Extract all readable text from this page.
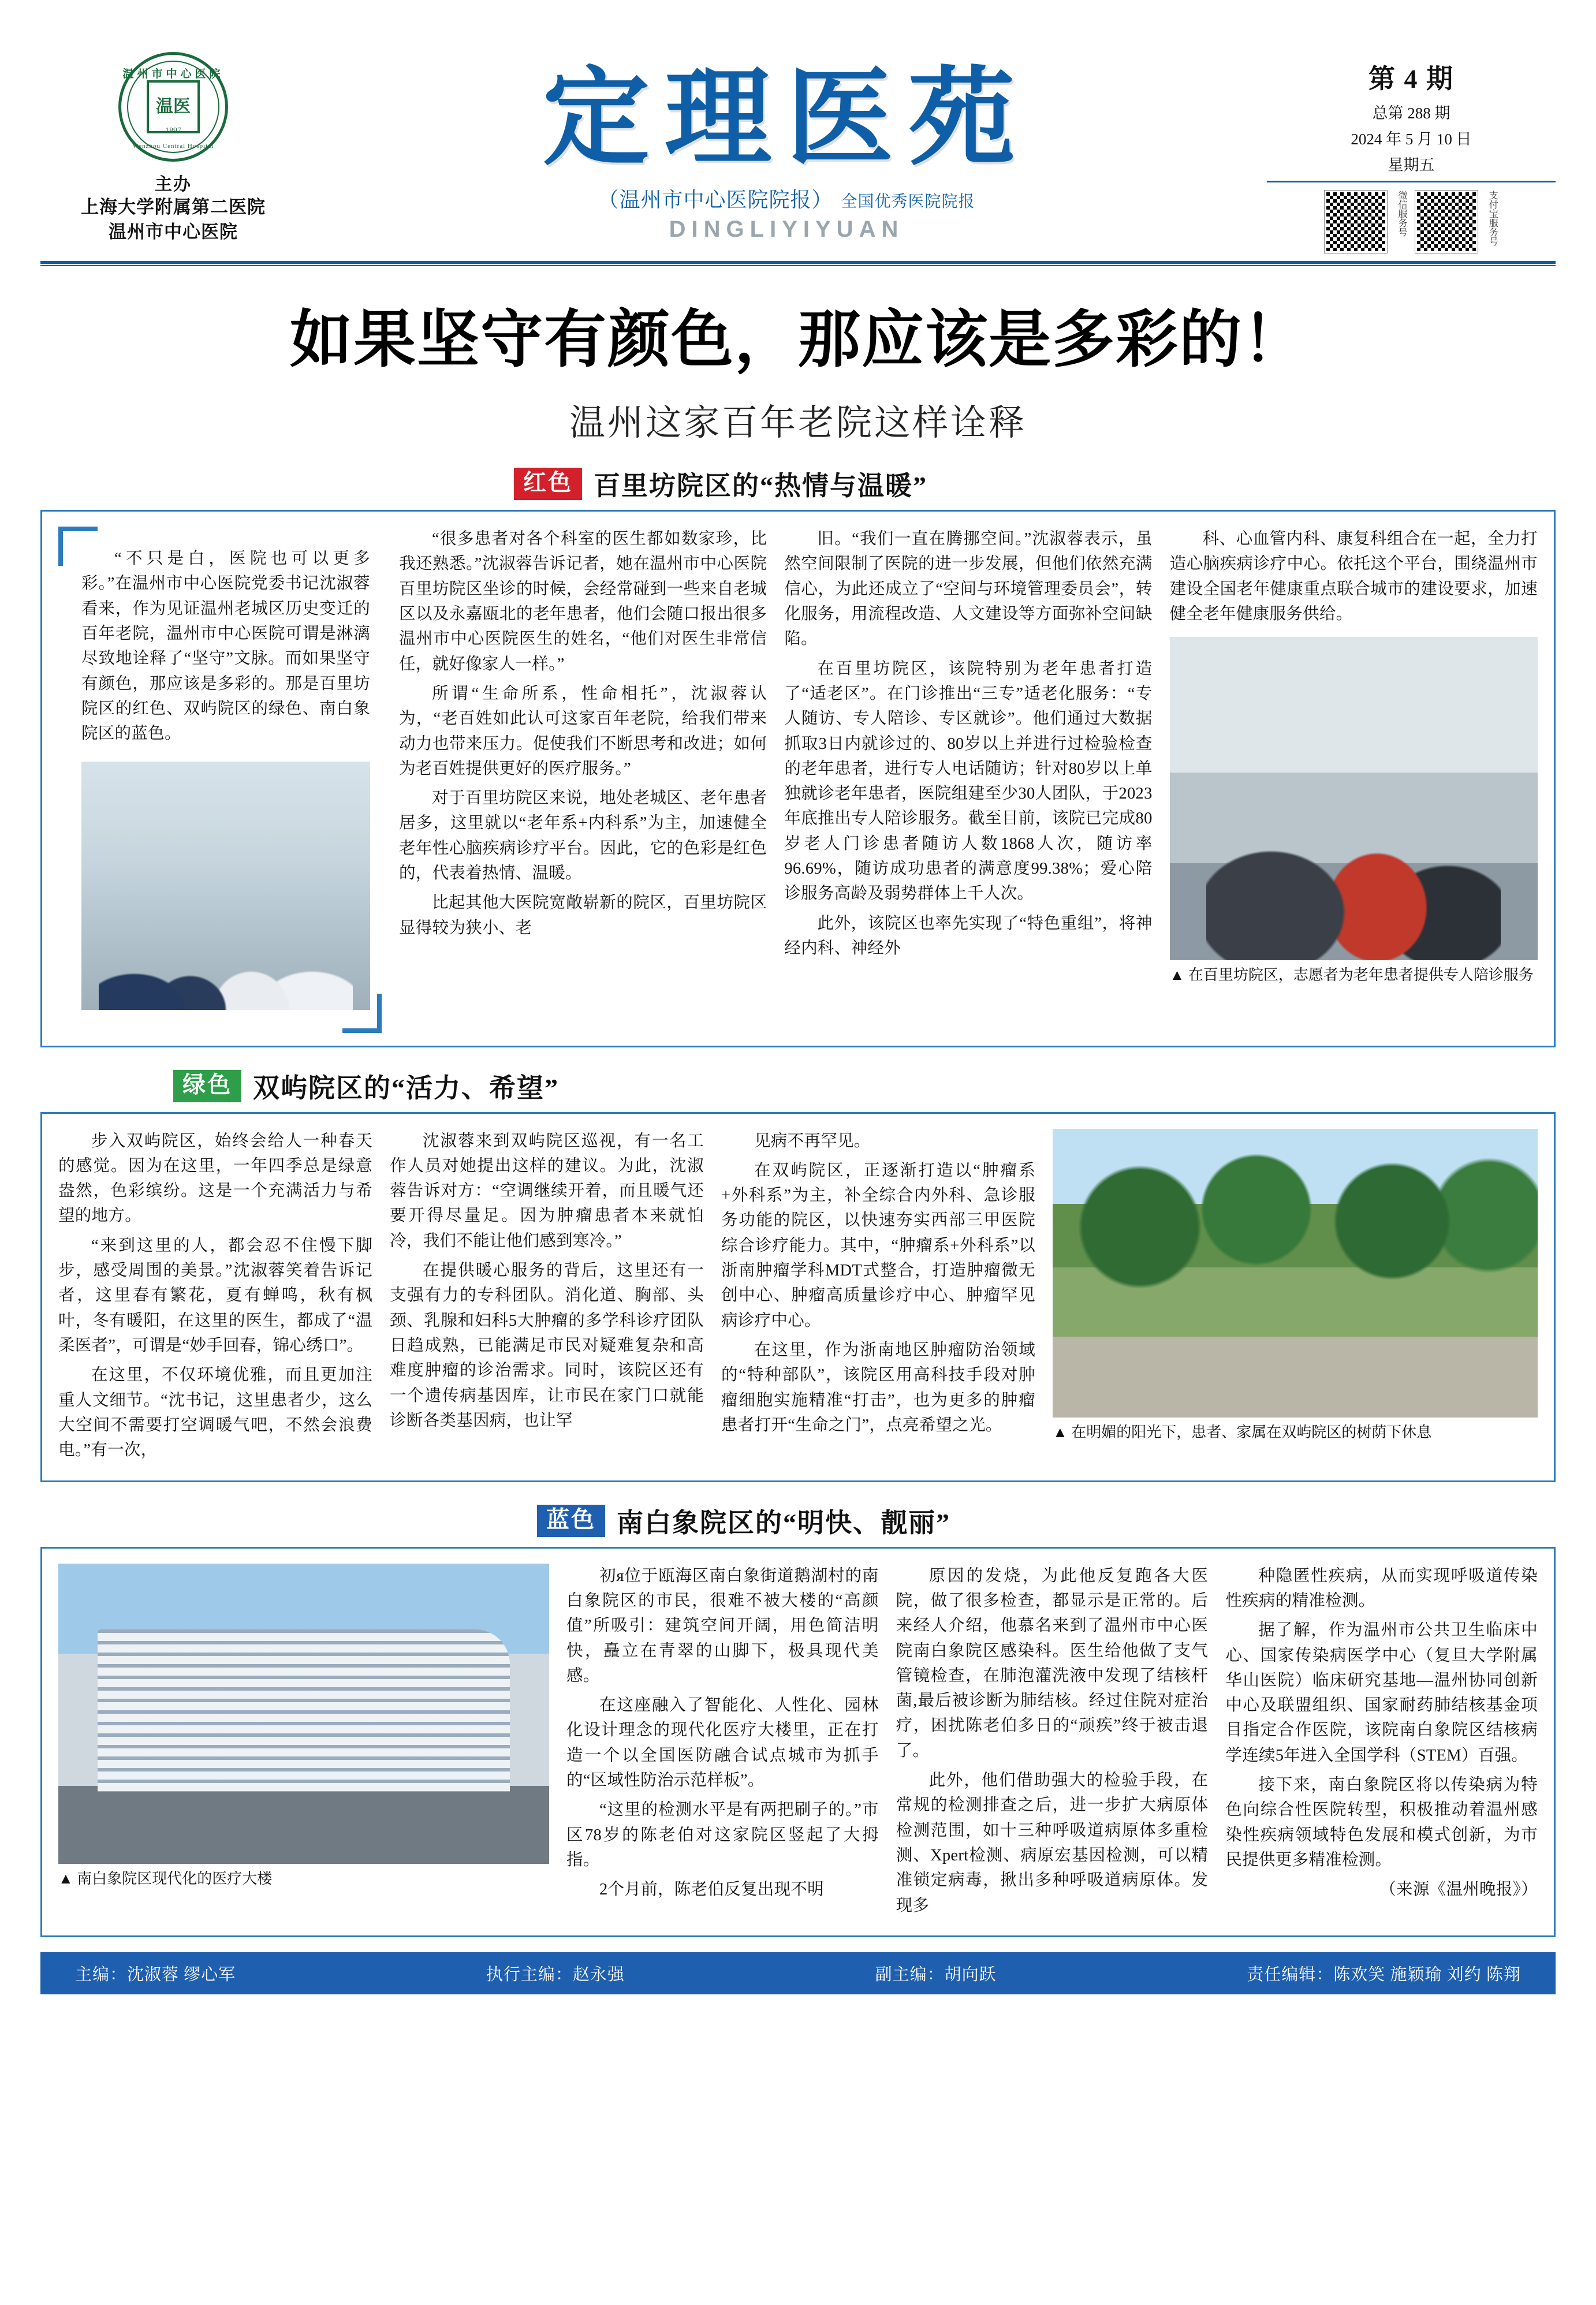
温州市中心医院
温医
1897
Wenzhou Central Hospital
主办
上海大学附属第二医院
温州市中心医院
定理医苑
（温州市中心医院院报） 全国优秀医院院报
DINGLIYIYUAN
第 4 期
总第 288 期
2024 年 5 月 10 日
星期五
微信服务号	支付宝服务号
如果坚守有颜色，那应该是多彩的！
温州这家百年老院这样诠释
红色 百里坊院区的“热情与温暖”

“不只是白，医院也可以更多彩。”在温州市中心医院党委书记沈淑蓉看来，作为见证温州老城区历史变迁的百年老院，温州市中心医院可谓是淋漓尽致地诠释了“坚守”文脉。而如果坚守有颜色，那应该是多彩的。那是百里坊院区的红色、双屿院区的绿色、南白象院区的蓝色。

“很多患者对各个科室的医生都如数家珍，比我还熟悉。”沈淑蓉告诉记者，她在温州市中心医院百里坊院区坐诊的时候，会经常碰到一些来自老城区以及永嘉瓯北的老年患者，他们会随口报出很多温州市中心医院医生的姓名，“他们对医生非常信任，就好像家人一样。”

所谓“生命所系，性命相托”，沈淑蓉认为，“老百姓如此认可这家百年老院，给我们带来动力也带来压力。促使我们不断思考和改进；如何为老百姓提供更好的医疗服务。”

对于百里坊院区来说，地处老城区、老年患者居多，这里就以“老年系+内科系”为主，加速健全老年性心脑疾病诊疗平台。因此，它的色彩是红色的，代表着热情、温暖。

比起其他大医院宽敞崭新的院区，百里坊院区显得较为狭小、老

旧。“我们一直在腾挪空间。”沈淑蓉表示，虽然空间限制了医院的进一步发展，但他们依然充满信心，为此还成立了“空间与环境管理委员会”，转化服务，用流程改造、人文建设等方面弥补空间缺陷。

在百里坊院区，该院特别为老年患者打造了“适老区”。在门诊推出“三专”适老化服务：“专人随访、专人陪诊、专区就诊”。他们通过大数据抓取3日内就诊过的、80岁以上并进行过检验检查的老年患者，进行专人电话随访；针对80岁以上单独就诊老年患者，医院组建至少30人团队，于2023年底推出专人陪诊服务。截至目前，该院已完成80岁老人门诊患者随访人数1868人次，随访率96.69%，随访成功患者的满意度99.38%；爱心陪诊服务高龄及弱势群体上千人次。

此外，该院区也率先实现了“特色重组”，将神经内科、神经外

科、心血管内科、康复科组合在一起，全力打造心脑疾病诊疗中心。依托这个平台，围绕温州市建设全国老年健康重点联合城市的建设要求，加速健全老年健康服务供给。

▲ 在百里坊院区，志愿者为老年患者提供专人陪诊服务
绿色 双屿院区的“活力、希望”

步入双屿院区，始终会给人一种春天的感觉。因为在这里，一年四季总是绿意盎然，色彩缤纷。这是一个充满活力与希望的地方。

“来到这里的人，都会忍不住慢下脚步，感受周围的美景。”沈淑蓉笑着告诉记者，这里春有繁花，夏有蝉鸣，秋有枫叶，冬有暖阳，在这里的医生，都成了“温柔医者”，可谓是“妙手回春，锦心绣口”。

在这里，不仅环境优雅，而且更加注重人文细节。“沈书记，这里患者少，这么大空间不需要打空调暖气吧，不然会浪费电。”有一次，

沈淑蓉来到双屿院区巡视，有一名工作人员对她提出这样的建议。为此，沈淑蓉告诉对方：“空调继续开着，而且暖气还要开得尽量足。因为肿瘤患者本来就怕冷，我们不能让他们感到寒冷。”

在提供暖心服务的背后，这里还有一支强有力的专科团队。消化道、胸部、头颈、乳腺和妇科5大肿瘤的多学科诊疗团队日趋成熟，已能满足市民对疑难复杂和高难度肿瘤的诊治需求。同时，该院区还有一个遗传病基因库，让市民在家门口就能诊断各类基因病，也让罕

见病不再罕见。

在双屿院区，正逐渐打造以“肿瘤系+外科系”为主，补全综合内外科、急诊服务功能的院区，以快速夯实西部三甲医院综合诊疗能力。其中，“肿瘤系+外科系”以浙南肿瘤学科MDT式整合，打造肿瘤微无创中心、肿瘤高质量诊疗中心、肿瘤罕见病诊疗中心。

在这里，作为浙南地区肿瘤防治领域的“特种部队”，该院区用高科技手段对肿瘤细胞实施精准“打击”，也为更多的肿瘤患者打开“生命之门”，点亮希望之光。	▲ 在明媚的阳光下，患者、家属在双屿院区的树荫下休息
蓝色 南白象院区的“明快、靓丽”
▲ 南白象院区现代化的医疗大楼

初я位于瓯海区南白象街道鹅湖村的南白象院区的市民，很难不被大楼的“高颜值”所吸引：建筑空间开阔，用色简洁明快，矗立在青翠的山脚下，极具现代美感。

在这座融入了智能化、人性化、园林化设计理念的现代化医疗大楼里，正在打造一个以全国医防融合试点城市为抓手的“区域性防治示范样板”。

“这里的检测水平是有两把刷子的。”市区78岁的陈老伯对这家院区竖起了大拇指。

2个月前，陈老伯反复出现不明

原因的发烧，为此他反复跑各大医院，做了很多检查，都显示是正常的。后来经人介绍，他慕名来到了温州市中心医院南白象院区感染科。医生给他做了支气管镜检查，在肺泡灌洗液中发现了结核杆菌,最后被诊断为肺结核。经过住院对症治疗，困扰陈老伯多日的“顽疾”终于被击退了。

此外，他们借助强大的检验手段，在常规的检测排查之后，进一步扩大病原体检测范围，如十三种呼吸道病原体多重检测、Xpert检测、病原宏基因检测，可以精准锁定病毒，揪出多种呼吸道病原体。发现多

种隐匿性疾病，从而实现呼吸道传染性疾病的精准检测。

据了解，作为温州市公共卫生临床中心、国家传染病医学中心（复旦大学附属华山医院）临床研究基地—温州协同创新中心及联盟组织、国家耐药肺结核基金项目指定合作医院，该院南白象院区结核病学连续5年进入全国学科（STEM）百强。

接下来，南白象院区将以传染病为特色向综合性医院转型，积极推动着温州感染性疾病领域特色发展和模式创新，为市民提供更多精准检测。

（来源《温州晚报》）

主编：沈淑蓉 缪心军	执行主编：赵永强	副主编：胡向跃	责任编辑：陈欢笑 施颖瑜 刘约 陈翔
